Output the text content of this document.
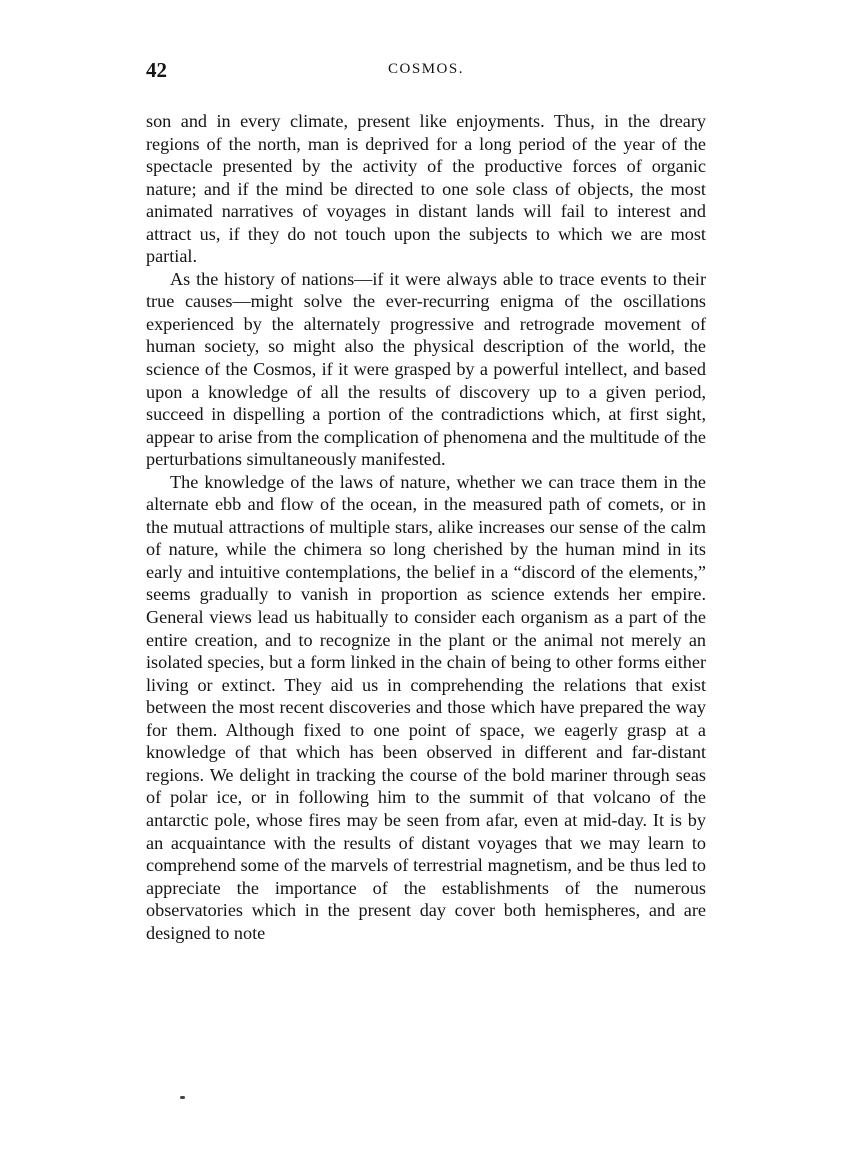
42	COSMOS.

son and in every climate, present like enjoyments. Thus, in the dreary regions of the north, man is deprived for a long period of the year of the spectacle presented by the activity of the productive forces of organic nature; and if the mind be directed to one sole class of objects, the most animated narratives of voyages in distant lands will fail to interest and attract us, if they do not touch upon the subjects to which we are most partial.

As the history of nations—if it were always able to trace events to their true causes—might solve the ever-recurring enigma of the oscillations experienced by the alternately progressive and retrograde movement of human society, so might also the physical description of the world, the science of the Cosmos, if it were grasped by a powerful intellect, and based upon a knowledge of all the results of discovery up to a given period, succeed in dispelling a portion of the contradictions which, at first sight, appear to arise from the complication of phenomena and the multitude of the perturbations simultaneously manifested.

The knowledge of the laws of nature, whether we can trace them in the alternate ebb and flow of the ocean, in the measured path of comets, or in the mutual attractions of multiple stars, alike increases our sense of the calm of nature, while the chimera so long cherished by the human mind in its early and intuitive contemplations, the belief in a “discord of the elements,” seems gradually to vanish in proportion as science extends her empire. General views lead us habitually to consider each organism as a part of the entire creation, and to recognize in the plant or the animal not merely an isolated species, but a form linked in the chain of being to other forms either living or extinct. They aid us in comprehending the relations that exist between the most recent discoveries and those which have prepared the way for them. Although fixed to one point of space, we eagerly grasp at a knowledge of that which has been observed in different and far-distant regions. We delight in tracking the course of the bold mariner through seas of polar ice, or in following him to the summit of that volcano of the antarctic pole, whose fires may be seen from afar, even at mid-day. It is by an acquaintance with the results of distant voyages that we may learn to comprehend some of the marvels of terrestrial magnetism, and be thus led to appreciate the importance of the establishments of the numerous observatories which in the present day cover both hemispheres, and are designed to note
